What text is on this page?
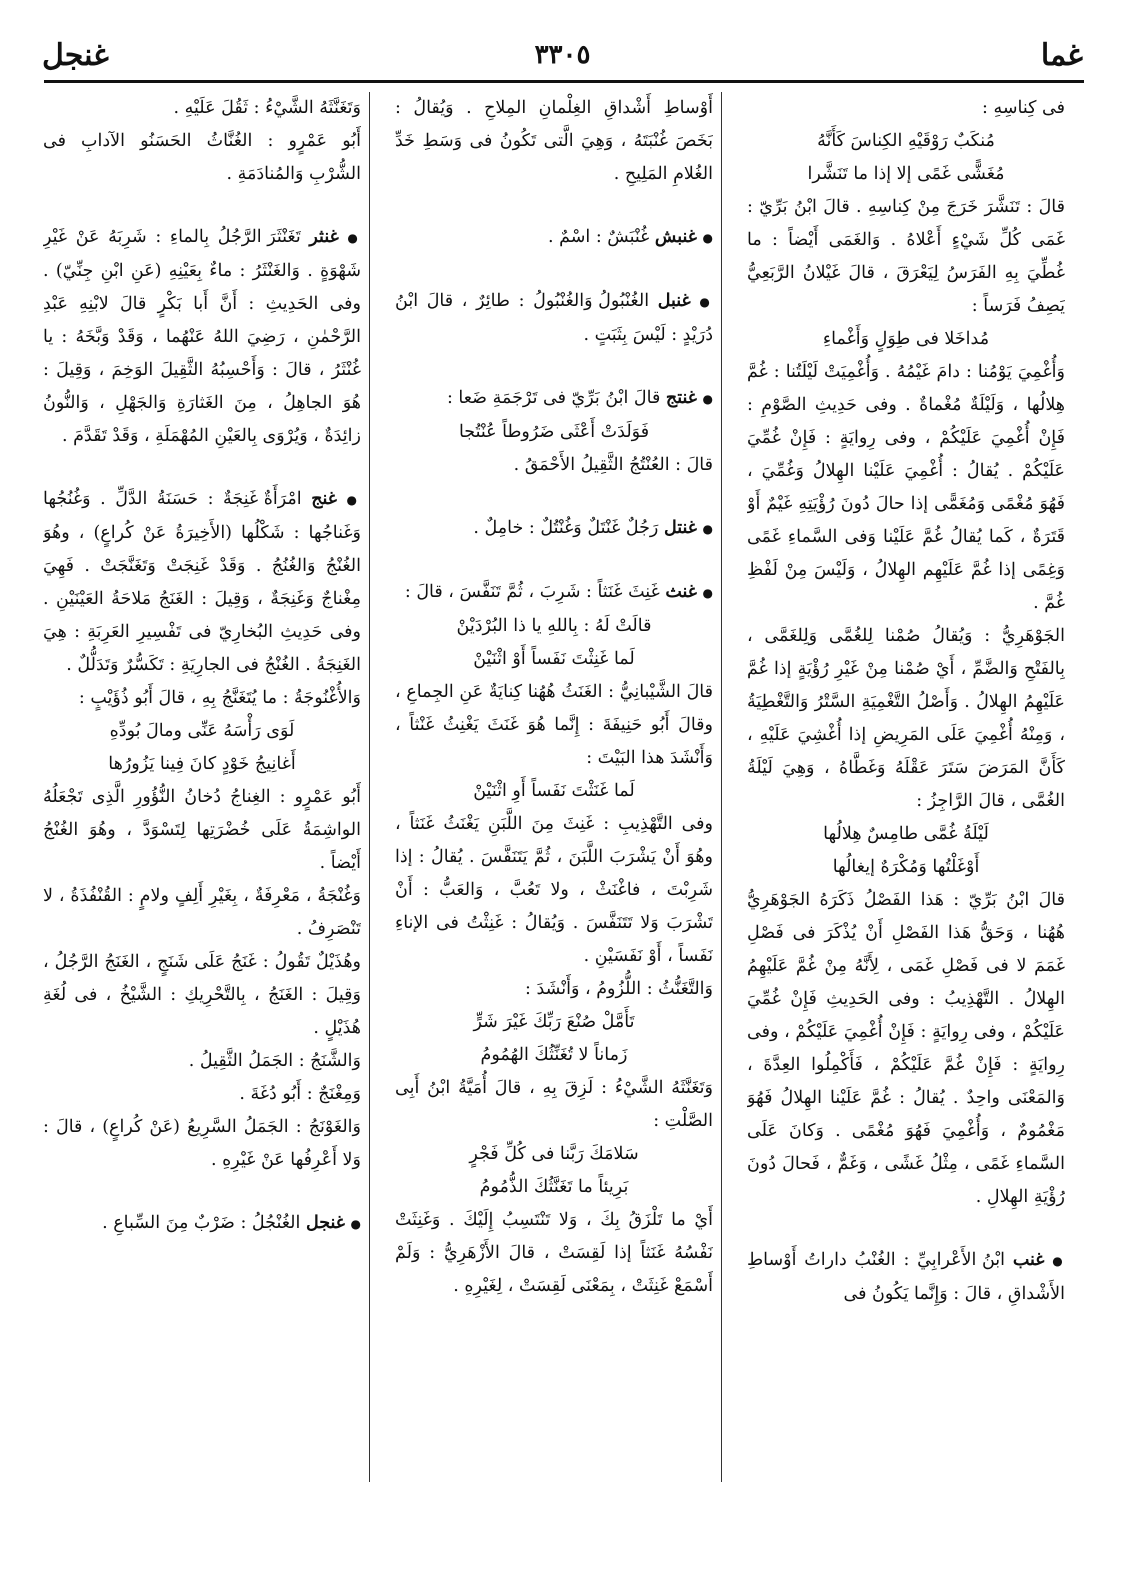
غما
٣٣٠٥
غنجل

فى كِناسِهِ :

مُنكَبٌ رَوْقَيْهِ الكِناسَ كَأَنَّهُ

مُغَشًّى غَمًى إلا إذا ما تَنَشَّرا

قالَ : تَنَشَّرَ خَرَجَ مِنْ كِناسِهِ . قالَ ابْنُ بَرِّيّ : غَمَى كُلِّ شَيْءٍ أَعْلاهُ . وَالغَمَى أَيْضاً : ما غُطِّيَ بِهِ الفَرَسُ لِيَعْرَقَ ، قالَ غَيْلانُ الرَّبَعِيُّ يَصِفُ فَرَساً :

مُداخَلا فى طِوَلٍ وَأَغْماءِ

وَأُغْمِيَ يَوْمُنا : دامَ غَيْمُهُ . وَأُغْمِيَتْ لَيْلَتُنا : غُمَّ هِلالُها ، وَلَيْلَةٌ مُغْماةٌ . وفى حَدِيثِ الصَّوْمِ : فَإِنْ أُغْمِيَ عَلَيْكُمْ ، وفى رِوايَةٍ : فَإِنْ غُمِّيَ عَلَيْكُمْ . يُقالُ : أُغْمِيَ عَلَيْنا الهِلالُ وَغُمِّيَ ، فَهُوَ مُغْمًى وَمُغَمًّى إذا حالَ دُونَ رُؤْيَتِهِ غَيْمٌ أَوْ قَتَرَةٌ ، كَما يُقالُ غُمَّ عَلَيْنا وَفى السَّماءِ غَمًى وَغِمًى إذا غُمَّ عَلَيْهِم الهِلالُ ، وَلَيْسَ مِنْ لَفْظِ غُمَّ .

الجَوْهَرِيُّ : وَيُقالُ صُمْنا لِلغُمَّى وَلِلغَمَّى ، بِالفَتْحِ وَالضَّمِّ ، أَيْ صُمْنا مِنْ غَيْرِ رُؤْيَةٍ إذا غُمَّ عَلَيْهِمُ الهِلالُ . وَأَصْلُ التَّغْمِيَةِ السَّتْرُ وَالتَّغْطِيَةُ ، وَمِنْهُ أُغْمِيَ عَلَى المَرِيضِ إذا أُغْشِيَ عَلَيْهِ ، كَأَنَّ المَرَضَ سَتَرَ عَقْلَهُ وَغَطَّاهُ ، وَهِيَ لَيْلَةُ الغُمَّى ، قالَ الرَّاجِزُ :

لَيْلَةُ غُمَّى طامِسٌ هِلالُها

أَوْغَلْتُها وَمُكْرَهٌ إيغالُها

قالَ ابْنُ بَرِّيّ : هَذا الفَصْلُ ذَكَرَهُ الجَوْهَرِيُّ هُهُنا ، وَحَقُّ هَذا الفَصْلِ أَنْ يُذْكَرَ فى فَصْلِ غَمَمَ لا فى فَصْلِ غَمَى ، لِأَنَّهُ مِنْ غُمَّ عَلَيْهِمُ الهِلالُ . التَّهْذِيبُ : وفى الحَدِيثِ فَإِنْ غُمِّيَ عَلَيْكُمْ ، وفى رِوايَةٍ : فَإِنْ أُغْمِيَ عَلَيْكُمْ ، وفى رِوايَةٍ : فَإِنْ غُمَّ عَلَيْكُمْ ، فَأَكْمِلُوا العِدَّةَ ، وَالمَعْنَى واحِدٌ . يُقالُ : غُمَّ عَلَيْنا الهِلالُ فَهُوَ مَغْمُومٌ ، وَأُغْمِيَ فَهُوَ مُغْمًى . وَكانَ عَلَى السَّماءِ غَمًى ، مِثْلُ غَشًى ، وَغَمٌّ ، فَحالَ دُونَ رُؤْيَةِ الهِلالِ .

● غنب ابْنُ الأَعْرابِيِّ : الغُنْبُ داراتُ أَوْساطِ الأَشْداقِ ، قالَ : وَإِنَّما يَكُونُ فى

أَوْساطِ أَشْداقِ الغِلْمانِ المِلاحِ . وَيُقالُ : بَخَصَ غُنْبَتَهُ ، وَهِيَ الَّتى تَكُونُ فى وَسَطِ خَدِّ الغُلامِ المَلِيحِ .

● غنبش غُنْبَشٌ : اسْمٌ .

● غنبل الغُنْبُولُ وَالغُنْبُولُ : طائِرٌ ، قالَ ابْنُ دُرَيْدٍ : لَيْسَ بِثَبَتٍ .

● غنتج قالَ ابْنُ بَرِّيّ فى تَرْجَمَةِ ضَعا :

فَوَلَدَتْ أَعْثَى ضَرُوطاً عُنْتُجا

قالَ : العُنْتُجُ الثَّقِيلُ الأَحْمَقُ .

● غنتل رَجُلٌ غَنْتَلٌ وَغُنْتُلٌ : خامِلٌ .

● غنث غَنِثَ غَنَثاً : شَرِبَ ، ثُمَّ تَنَفَّسَ ، قالَ :

قالَتْ لَهُ : بِاللهِ يا ذا البُرْدَيْنْ

لَما غَنِثْتَ نَفَساً أَوْ اثْنَيْنْ

قالَ الشَّيْبانِيُّ : الغَنَثُ هُهُنا كِنايَةٌ عَنِ الجِماعِ ، وقالَ أَبُو حَنِيفَةَ : إِنَّما هُوَ غَنَثَ يَغْنِثُ غَنْثاً ، وَأَنْشَدَ هذا البَيْتَ :

لَما غَنَثْتَ نَفَساً أَوِ اثْنَيْنْ

وفى التَّهْذِيبِ : غَنِثَ مِنَ اللَّبَنِ يَغْنَثُ غَنَثاً ، وهُوَ أَنْ يَشْرَبَ اللَّبَنَ ، ثُمَّ يَتَنَفَّسَ . يُقالُ : إذا شَرِبْتَ ، فاغْنَثْ ، ولا تَعُبَّ ، وَالعَبُّ : أَنْ تَشْرَبَ وَلا تَتَنَفَّسَ . وَيُقالُ : غَنِثْتُ فى الإناءِ نَفَساً ، أَوْ نَفَسَيْنِ .

وَالتَّغَنُّثُ : اللُّزُومُ ، وَأَنْشَدَ :

تَأَمَّلْ صُنْعَ رَبِّكَ غَيْرَ شَرٍّ

زَماناً لا تُغَنِّثُكَ الهُمُومُ

وَتَغَنَّثَهُ الشَّيْءُ : لَزِقَ بِهِ ، قالَ أُمَيَّةُ ابْنُ أَبِى الصَّلْتِ :

سَلامَكَ رَبَّنا فى كُلِّ فَجْرٍ

بَرِيئاً ما تَغَنَّثُكَ الذُّمُومُ

أَيْ ما تَلْزَقُ بِكَ ، وَلا تَنْتَسِبُ إِلَيْكَ . وَغَنِثَتْ نَفْسُهُ غَنَثاً إذا لَقِسَتْ ، قالَ الأَزْهَرِيُّ : وَلَمْ أَسْمَعْ غَنِثَتْ ، بِمَعْنَى لَقِسَتْ ، لِغَيْرِهِ .

وَتَغَنَّثَهُ الشَّيْءُ : ثَقُلَ عَلَيْهِ .

أَبُو عَمْرٍو : الغُنَّاثُ الحَسَنُو الآدابِ فى الشُّرْبِ وَالمُنادَمَةِ .

● غنثر تَغَنْثَرَ الرَّجُلُ بِالماءِ : شَرِبَهُ عَنْ غَيْرِ شَهْوَةٍ . وَالغَنْثَرُ : ماءٌ بِعَيْنِهِ (عَنِ ابْنِ جِنِّيّ) . وفى الحَدِيثِ : أَنَّ أَبا بَكْرٍ قالَ لابْنِهِ عَبْدِ الرَّحْمٰنِ ، رَضِيَ اللهُ عَنْهُما ، وَقَدْ وَبَّخَهُ : يا غُنْثَرُ ، قالَ : وَأَحْسِبُهُ الثَّقِيلَ الوَخِمَ ، وَقِيلَ : هُوَ الجاهِلُ ، مِنَ الغَثارَةِ وَالجَهْلِ ، وَالنُّونُ زائِدَةٌ ، وَيُرْوَى بِالعَيْنِ المُهْمَلَةِ ، وَقَدْ تَقَدَّمَ .

● غنج امْرَأَةٌ غَنِجَةٌ : حَسَنَةُ الدَّلِّ . وَغُنُجُها وَغَناجُها : شَكْلُها (الأَخِيرَةُ عَنْ كُراعٍ) ، وهُوَ الغُنْجُ وَالغُنُجُ . وَقَدْ غَنِجَتْ وَتَغَنَّجَتْ . فَهِيَ مِغْناجٌ وَغَنِجَةٌ ، وَقِيلَ : الغَنَجُ مَلاحَةُ العَيْنَيْنِ . وفى حَدِيثِ البُخارِيّ فى تَفْسِيرِ العَرِبَةِ : هِيَ الغَنِجَةُ . الغُنْجُ فى الجارِيَةِ : تَكَسُّرٌ وَتَدَلُّلٌ .

وَالأُغْنُوجَةُ : ما يُتَغَنَّجُ بِهِ ، قالَ أَبُو ذُؤَيْبٍ :

لَوَى رَأْسَهُ عَنِّى ومالَ بُودِّهِ

أَغانِيجُ خَوْدٍ كانَ فِينا يَزُورُها

أَبُو عَمْرٍو : الغِناجُ دُخانُ النُّؤُورِ الَّذِى تَجْعَلُهُ الواشِمَةُ عَلَى خُضْرَتِها لِتَسْوَدَّ ، وهُوَ الغُنْجُ أَيْضاً .

وَغُنْجَةُ ، مَعْرِفَةٌ ، بِغَيْرِ أَلِفٍ ولامٍ : القُنْفُذَةُ ، لا تَنْصَرِفُ .

وهُذَيْلٌ تَقُولُ : غَنَجُ عَلَى شَنَجٍ ، الغَنَجُ الرَّجُلُ ، وَقِيلَ : الغَنَجُ ، بِالتَّحْرِيكِ : الشَّيْخُ ، فى لُغَةِ هُذَيْلٍ .

وَالشَّنَجُ : الجَمَلُ الثَّقِيلُ .

وَمِغْنَجٌ : أَبُو دُغَةَ .

وَالغَوْنَجُ : الجَمَلُ السَّرِيعُ (عَنْ كُراعٍ) ، قالَ : وَلا أَعْرِفُها عَنْ غَيْرِهِ .

● غنجل الغُنْجُلُ : ضَرْبٌ مِنَ السِّباعِ .
